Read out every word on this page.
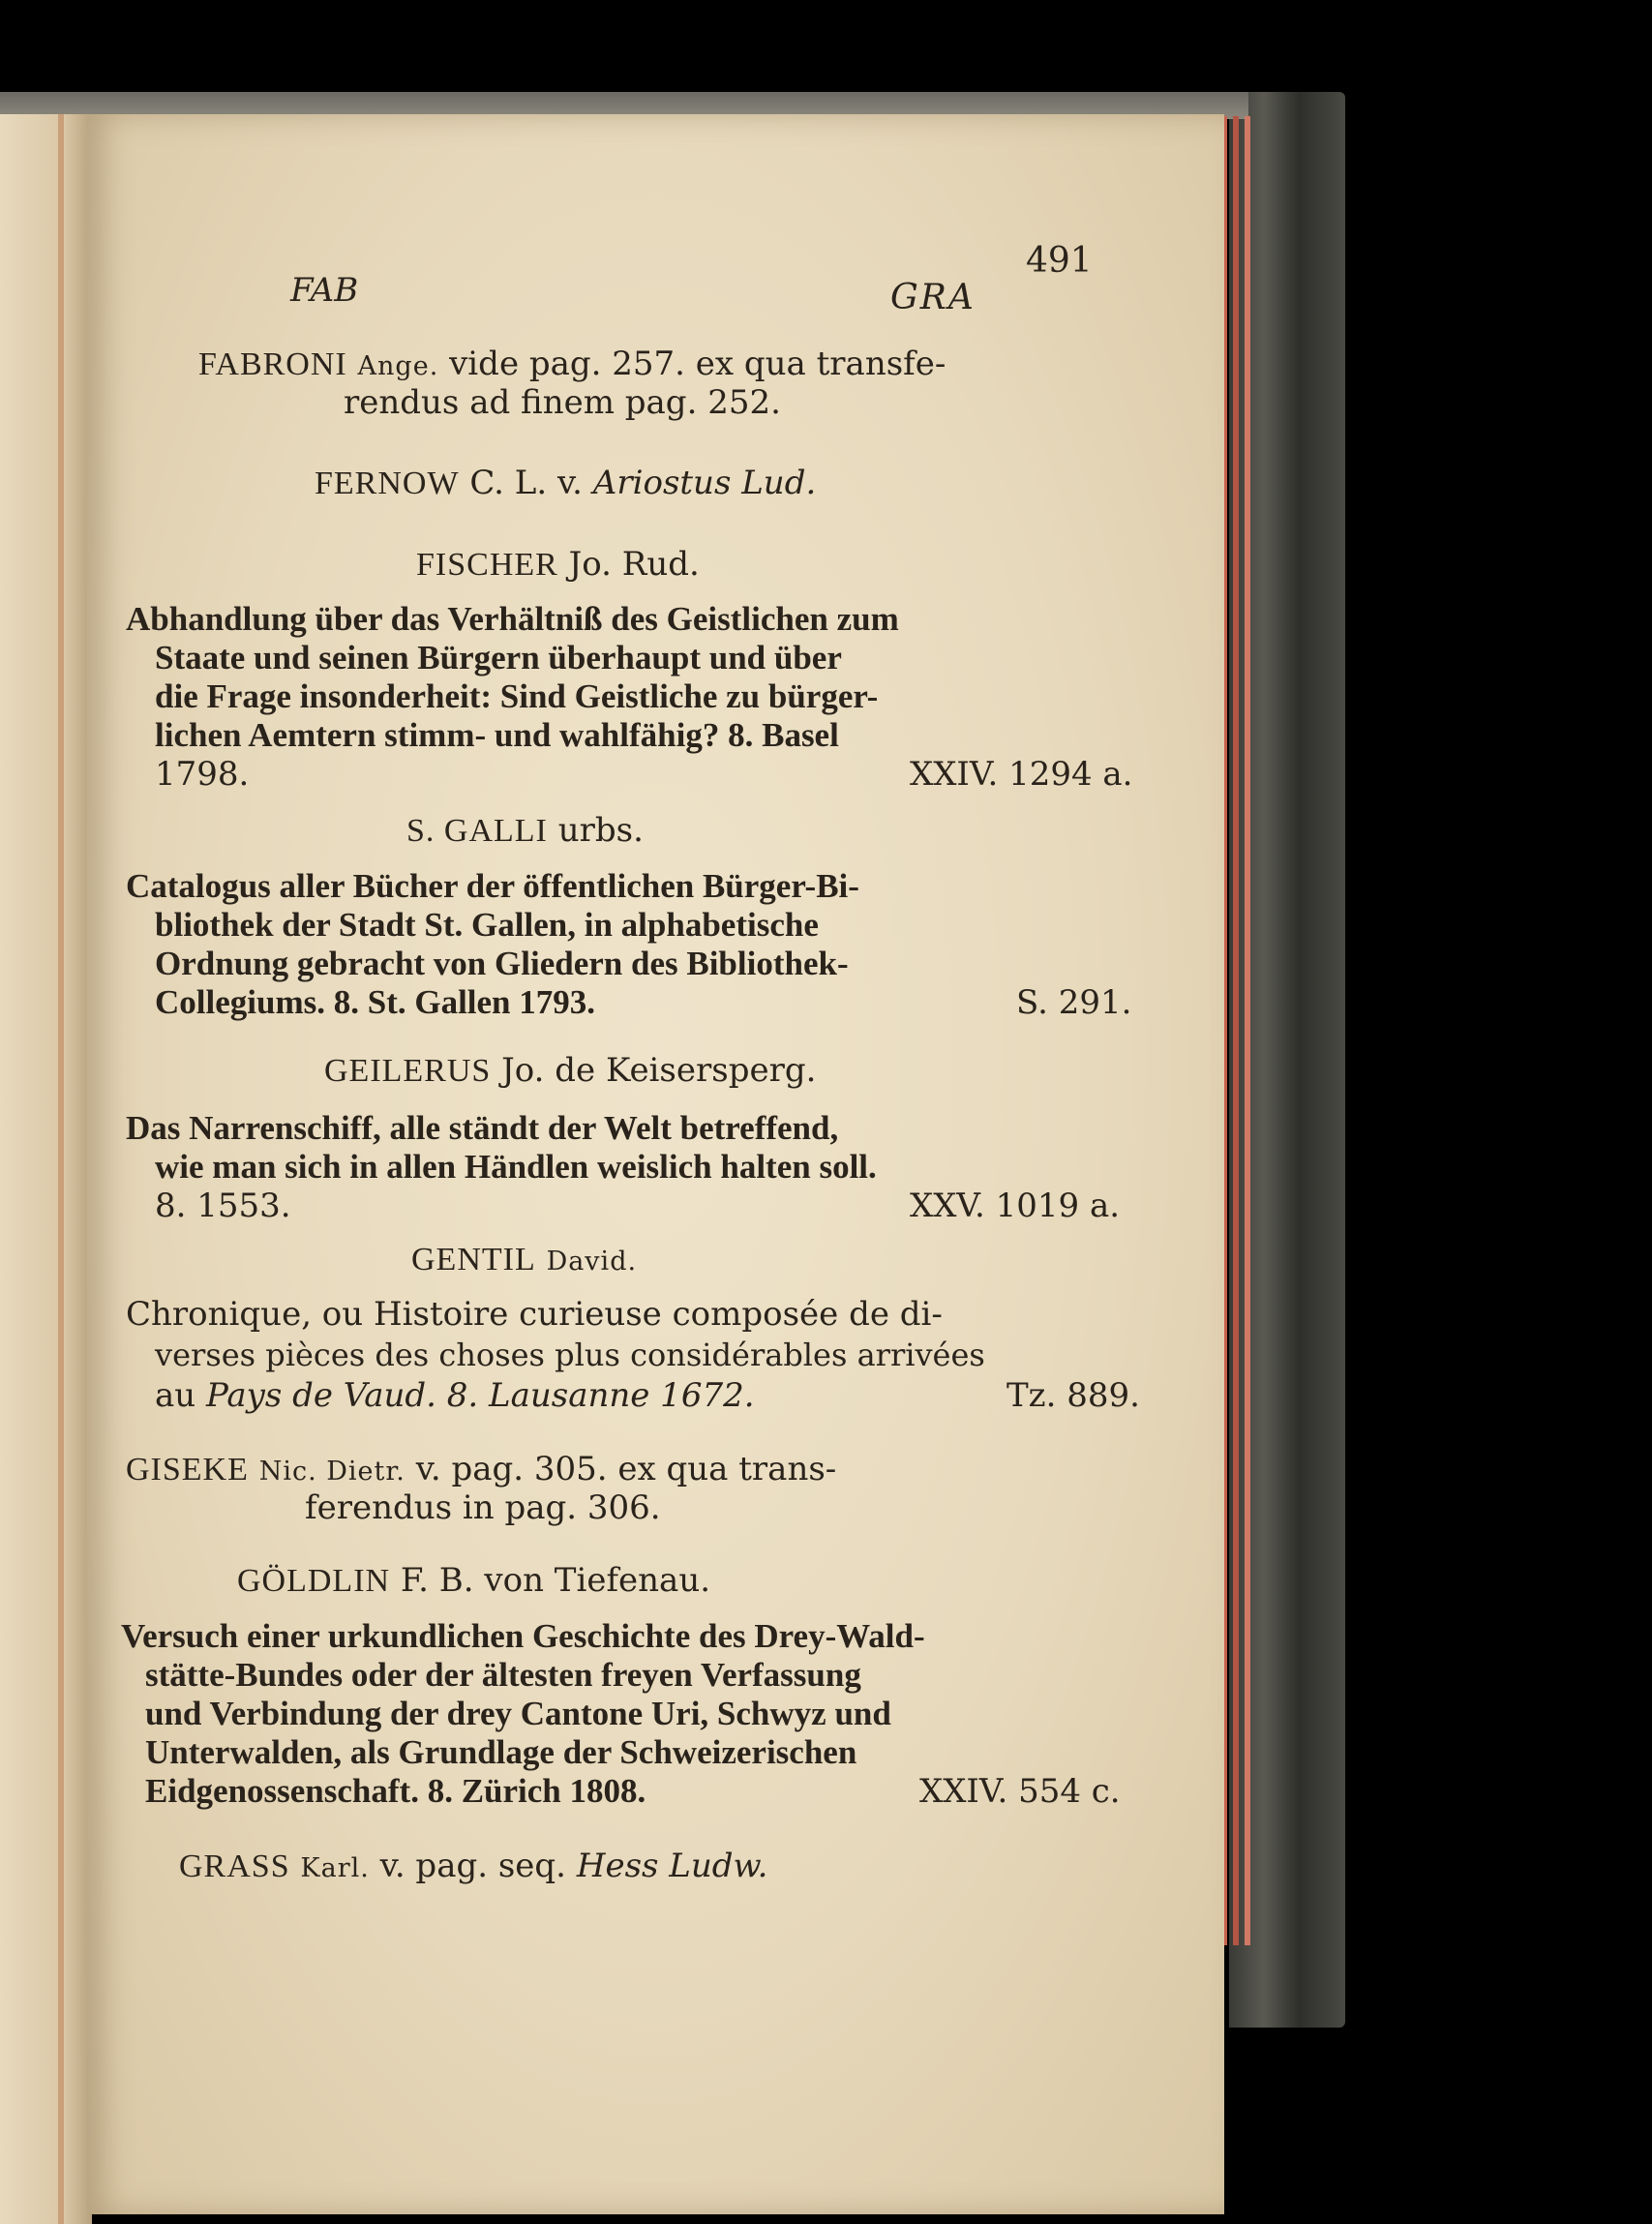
491
FAB	GRA
FABRONI Ange. vide pag. 257. ex qua transfe-
rendus ad finem pag. 252.
FERNOW C. L. v. Ariostus Lud.
FISCHER Jo. Rud.
Abhandlung über das Verhältniß des Geistlichen zum
Staate und seinen Bürgern überhaupt und über
die Frage insonderheit: Sind Geistliche zu bürger-
lichen Aemtern stimm- und wahlfähig? 8. Basel
1798.	XXIV. 1294 a.
S. GALLI urbs.
Catalogus aller Bücher der öffentlichen Bürger-Bi-
bliothek der Stadt St. Gallen, in alphabetische
Ordnung gebracht von Gliedern des Bibliothek-
Collegiums. 8. St. Gallen 1793.	S. 291.
GEILERUS Jo. de Keisersperg.
Das Narrenschiff, alle ständt der Welt betreffend,
wie man sich in allen Händlen weislich halten soll.
8. 1553.	XXV. 1019 a.
GENTIL David.
Chronique, ou Histoire curieuse composée de di-
verses pièces des choses plus considérables arrivées
au Pays de Vaud. 8. Lausanne 1672.	Tz. 889.
GISEKE Nic. Dietr. v. pag. 305. ex qua trans-
ferendus in pag. 306.
GÖLDLIN F. B. von Tiefenau.
Versuch einer urkundlichen Geschichte des Drey-Wald-
stätte-Bundes oder der ältesten freyen Verfassung
und Verbindung der drey Cantone Uri, Schwyz und
Unterwalden, als Grundlage der Schweizerischen
Eidgenossenschaft. 8. Zürich 1808.	XXIV. 554 c.
GRASS Karl. v. pag. seq. Hess Ludw.
